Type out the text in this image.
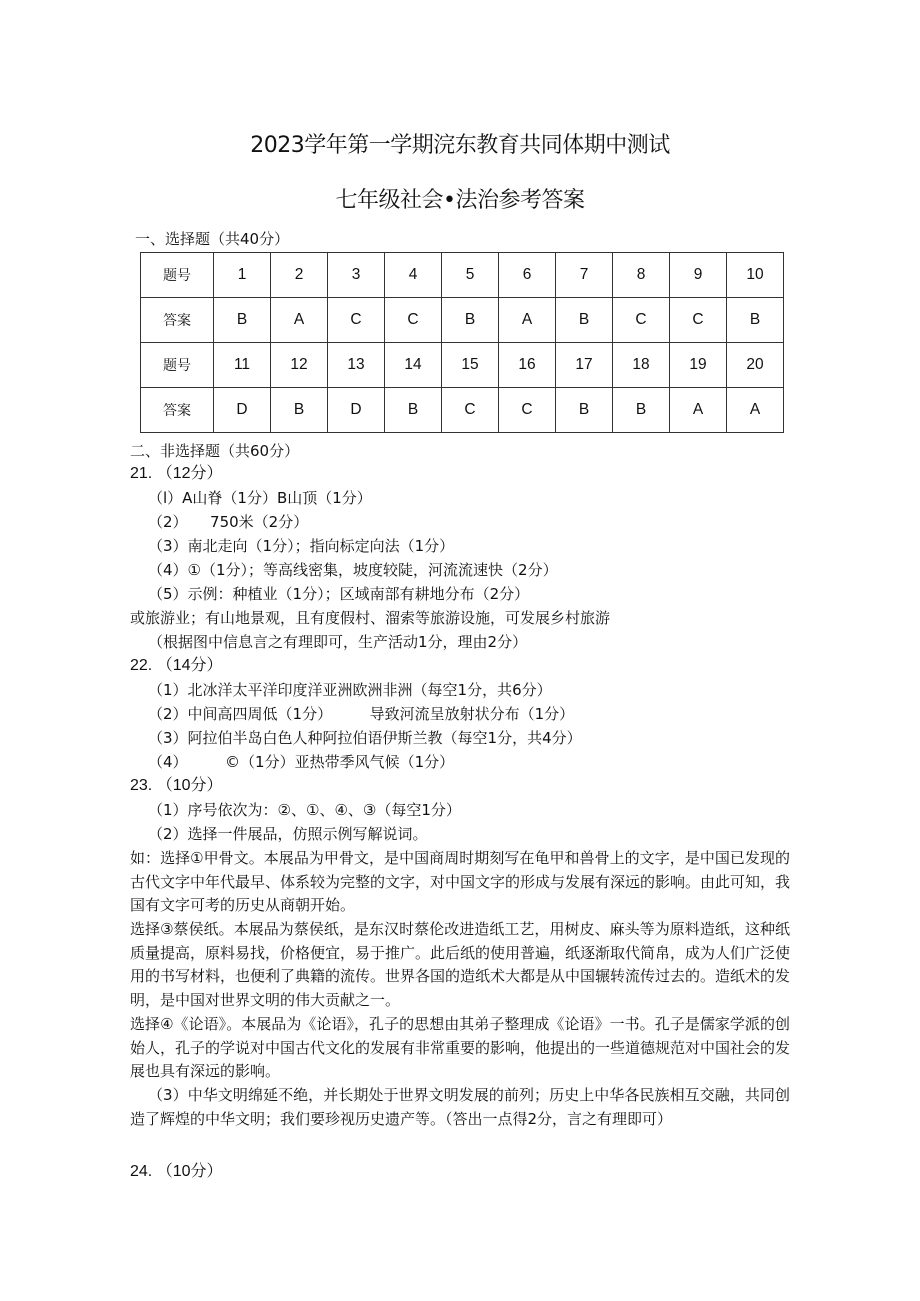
2023学年第一学期浣东教育共同体期中测试
七年级社会•法治参考答案
一、选择题（共40分）
题号	1	2	3	4	5	6	7	8	9	10
答案	B	A	C	C	B	A	B	C	C	B
题号	11	12	13	14	15	16	17	18	19	20
答案	D	B	D	B	C	C	B	B	A	A
二、非选择题（共60分）
21. （12分）
（l）A山脊（1分）B山顶（1分）
（2）　　750米（2分）
（3）南北走向（1分）；指向标定向法（1分）
（4）①（1分）；等高线密集，坡度较陡，河流流速快（2分）
（5）示例：种植业（1分）；区域南部有耕地分布（2分）
或旅游业；有山地景观，且有度假村、溜索等旅游设施，可发展乡村旅游
（根据图中信息言之有理即可，生产活动1分，理由2分）
22. （14分）
（1）北冰洋太平洋印度洋亚洲欧洲非洲（每空1分，共6分）
（2）中间高四周低（1分）　　　导致河流呈放射状分布（1分）
（3）阿拉伯半岛白色人种阿拉伯语伊斯兰教（每空1分，共4分）
（4）　　　©（1分）亚热带季风气候（1分）
23. （10分）
（1）序号依次为：②、①、④、③（每空1分）
（2）选择一件展品，仿照示例写解说词。
如：选择①甲骨文。本展品为甲骨文，是中国商周时期刻写在龟甲和兽骨上的文字，是中国已发现的古代文字中年代最早、体系较为完整的文字，对中国文字的形成与发展有深远的影响。由此可知，我国有文字可考的历史从商朝开始。
选择③蔡侯纸。本展品为蔡侯纸，是东汉时蔡伦改进造纸工艺，用树皮、麻头等为原料造纸，这种纸质量提高，原料易找，价格便宜，易于推广。此后纸的使用普遍，纸逐渐取代简帛，成为人们广泛使用的书写材料，也便利了典籍的流传。世界各国的造纸术大都是从中国辗转流传过去的。造纸术的发明，是中国对世界文明的伟大贡献之一。
选择④《论语》。本展品为《论语》，孔子的思想由其弟子整理成《论语》一书。孔子是儒家学派的创始人，孔子的学说对中国古代文化的发展有非常重要的影响，他提出的一些道德规范对中国社会的发展也具有深远的影响。
（3）中华文明绵延不绝，并长期处于世界文明发展的前列；历史上中华各民族相互交融，共同创造了辉煌的中华文明；我们要珍视历史遗产等。（答出一点得2分，言之有理即可）
24. （10分）
